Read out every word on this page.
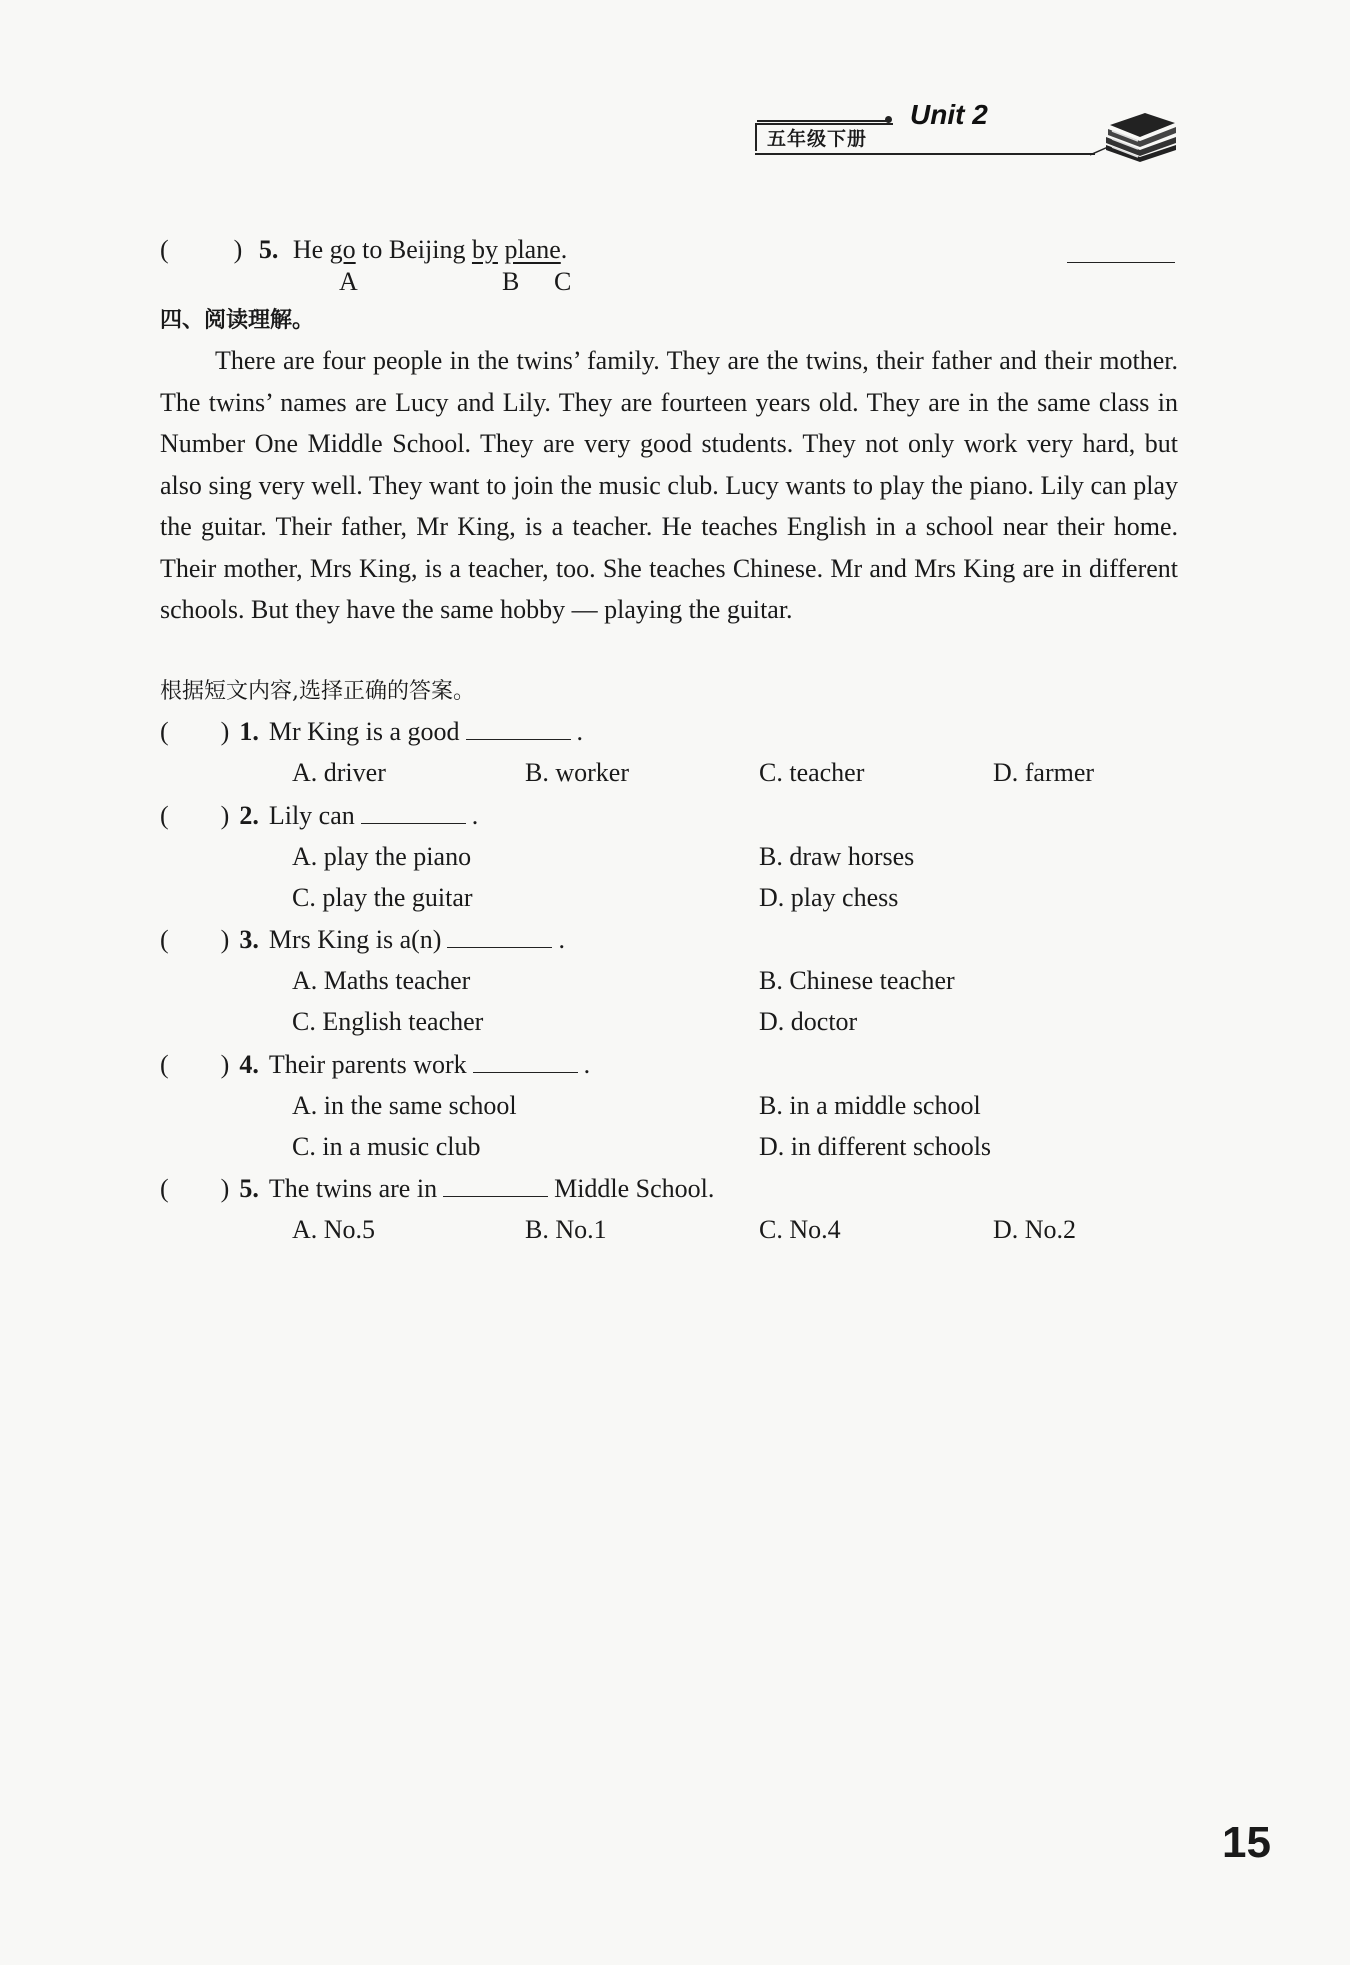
五年级下册
Unit 2
(	) 5. He go to Beijing by plane.
A	B C
四、阅读理解。

There are four people in the twins’ family. They are the twins, their father and their mother. The twins’ names are Lucy and Lily. They are fourteen years old. They are in the same class in Number One Middle School. They are very good students. They not only work very hard, but also sing very well. They want to join the music club. Lucy wants to play the piano. Lily can play the guitar. Their father, Mr King, is a teacher. He teaches English in a school near their home. Their mother, Mrs King, is a teacher, too. She teaches Chinese. Mr and Mrs King are in different schools. But they have the same hobby — playing the guitar.

根据短文内容,选择正确的答案。
( ) 1. Mr King is a good	.
A. driver	B. worker	C. teacher	D. farmer
( ) 2. Lily can	.
A. play the piano	B. draw horses
C. play the guitar	D. play chess
( ) 3. Mrs King is a(n)	.
A. Maths teacher	B. Chinese teacher
C. English teacher	D. doctor
( ) 4. Their parents work	.
A. in the same school	B. in a middle school
C. in a music club	D. in different schools
( ) 5. The twins are in	Middle School.
A. No.5	B. No.1	C. No.4	D. No.2
15
